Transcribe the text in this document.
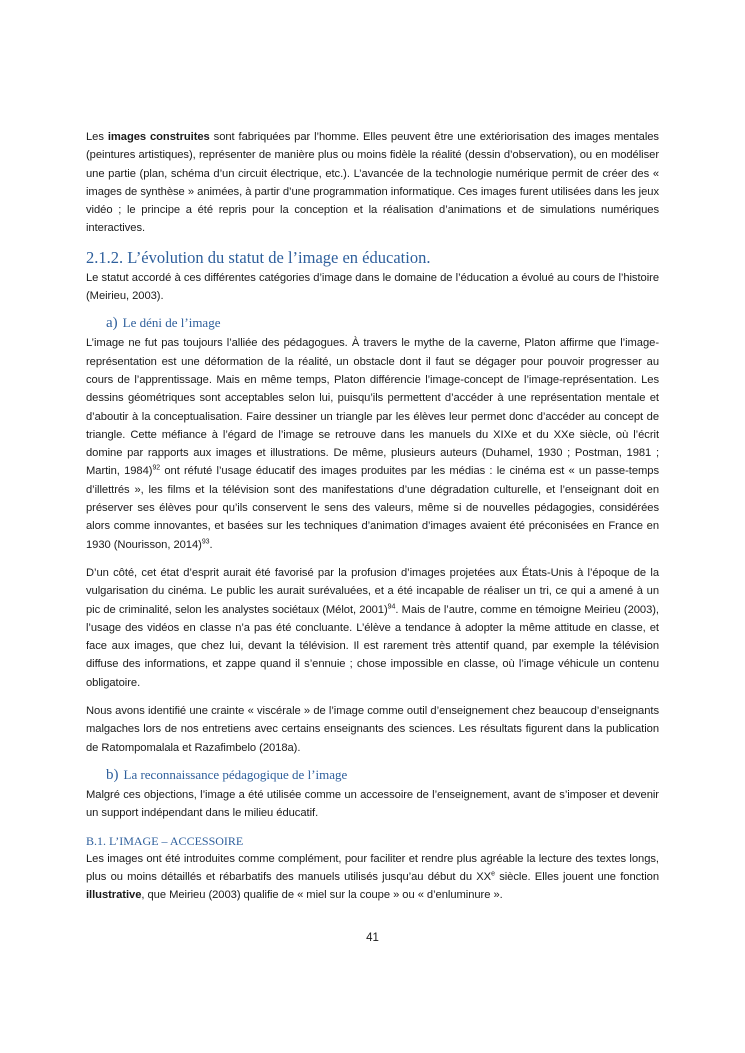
Les images construites sont fabriquées par l’homme. Elles peuvent être une extériorisation des images mentales (peintures artistiques), représenter de manière plus ou moins fidèle la réalité (dessin d’observation), ou en modéliser une partie (plan, schéma d’un circuit électrique, etc.). L’avancée de la technologie numérique permit de créer des « images de synthèse » animées, à partir d’une programmation informatique. Ces images furent utilisées dans les jeux vidéo ; le principe a été repris pour la conception et la réalisation d’animations et de simulations numériques interactives.

2.1.2. L’évolution du statut de l’image en éducation.

Le statut accordé à ces différentes catégories d’image dans le domaine de l’éducation a évolué au cours de l’histoire (Meirieu, 2003).

a) Le déni de l’image

L’image ne fut pas toujours l’alliée des pédagogues. À travers le mythe de la caverne, Platon affirme que l’image-représentation est une déformation de la réalité, un obstacle dont il faut se dégager pour pouvoir progresser au cours de l’apprentissage. Mais en même temps, Platon différencie l’image-concept de l’image-représentation. Les dessins géométriques sont acceptables selon lui, puisqu’ils permettent d’accéder à une représentation mentale et d’aboutir à la conceptualisation. Faire dessiner un triangle par les élèves leur permet donc d’accéder au concept de triangle. Cette méfiance à l’égard de l’image se retrouve dans les manuels du XIXe et du XXe siècle, où l’écrit domine par rapports aux images et illustrations. De même, plusieurs auteurs (Duhamel, 1930 ; Postman, 1981 ; Martin, 1984)$^{92}$ ont réfuté l’usage éducatif des images produites par les médias : le cinéma est « un passe-temps d’illettrés », les films et la télévision sont des manifestations d’une dégradation culturelle, et l’enseignant doit en préserver ses élèves pour qu’ils conservent le sens des valeurs, même si de nouvelles pédagogies, considérées alors comme innovantes, et basées sur les techniques d’animation d’images avaient été préconisées en France en 1930 (Nourisson, 2014)$^{93}$.

D’un côté, cet état d’esprit aurait été favorisé par la profusion d’images projetées aux États-Unis à l’époque de la vulgarisation du cinéma. Le public les aurait surévaluées, et a été incapable de réaliser un tri, ce qui a amené à un pic de criminalité, selon les analystes sociétaux (Mélot, 2001)$^{94}$. Mais de l’autre, comme en témoigne Meirieu (2003), l’usage des vidéos en classe n’a pas été concluante. L’élève a tendance à adopter la même attitude en classe, et face aux images, que chez lui, devant la télévision. Il est rarement très attentif quand, par exemple la télévision diffuse des informations, et zappe quand il s’ennuie ; chose impossible en classe, où l’image véhicule un contenu obligatoire.

Nous avons identifié une crainte « viscérale » de l’image comme outil d’enseignement chez beaucoup d’enseignants malgaches lors de nos entretiens avec certains enseignants des sciences. Les résultats figurent dans la publication de Ratompomalala et Razafimbelo (2018a).

b) La reconnaissance pédagogique de l’image

Malgré ces objections, l’image a été utilisée comme un accessoire de l’enseignement, avant de s’imposer et devenir un support indépendant dans le milieu éducatif.

B.1. L’IMAGE – ACCESSOIRE

Les images ont été introduites comme complément, pour faciliter et rendre plus agréable la lecture des textes longs, plus ou moins détaillés et rébarbatifs des manuels utilisés jusqu’au début du XXe siècle. Elles jouent une fonction illustrative, que Meirieu (2003) qualifie de « miel sur la coupe » ou « d’enluminure ».

41
